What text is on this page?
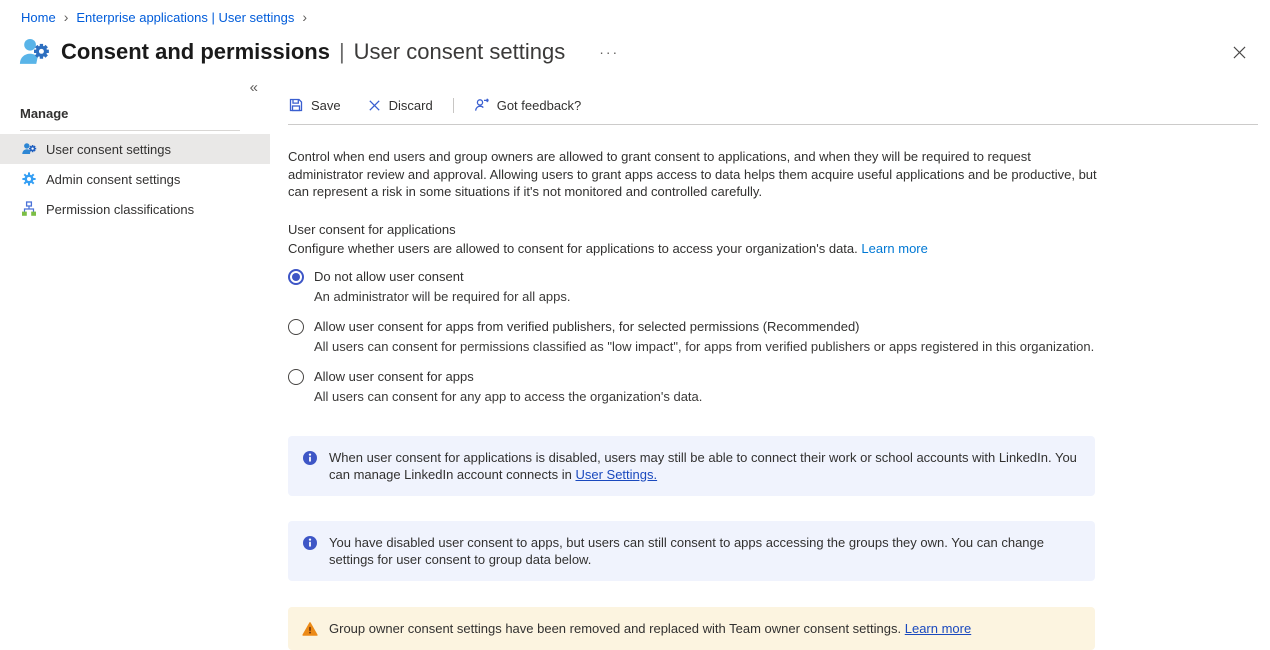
Home › Enterprise applications | User settings ›
Consent and permissions | User consent settings ···
«
Manage
User consent settings
Admin consent settings
Permission classifications
Save	Discard	Got feedback?

Control when end users and group owners are allowed to grant consent to applications, and when they will be required to request administrator review and approval. Allowing users to grant apps access to data helps them acquire useful applications and be productive, but can represent a risk in some situations if it's not monitored and controlled carefully.

User consent for applications
Configure whether users are allowed to consent for applications to access your organization's data. Learn more
Do not allow user consent
An administrator will be required for all apps.
Allow user consent for apps from verified publishers, for selected permissions (Recommended)
All users can consent for permissions classified as "low impact", for apps from verified publishers or apps registered in this organization.
Allow user consent for apps
All users can consent for any app to access the organization's data.
When user consent for applications is disabled, users may still be able to connect their work or school accounts with LinkedIn. You can manage LinkedIn account connects in User Settings.
You have disabled user consent to apps, but users can still consent to apps accessing the groups they own. You can change settings for user consent to group data below.
Group owner consent settings have been removed and replaced with Team owner consent settings. Learn more
